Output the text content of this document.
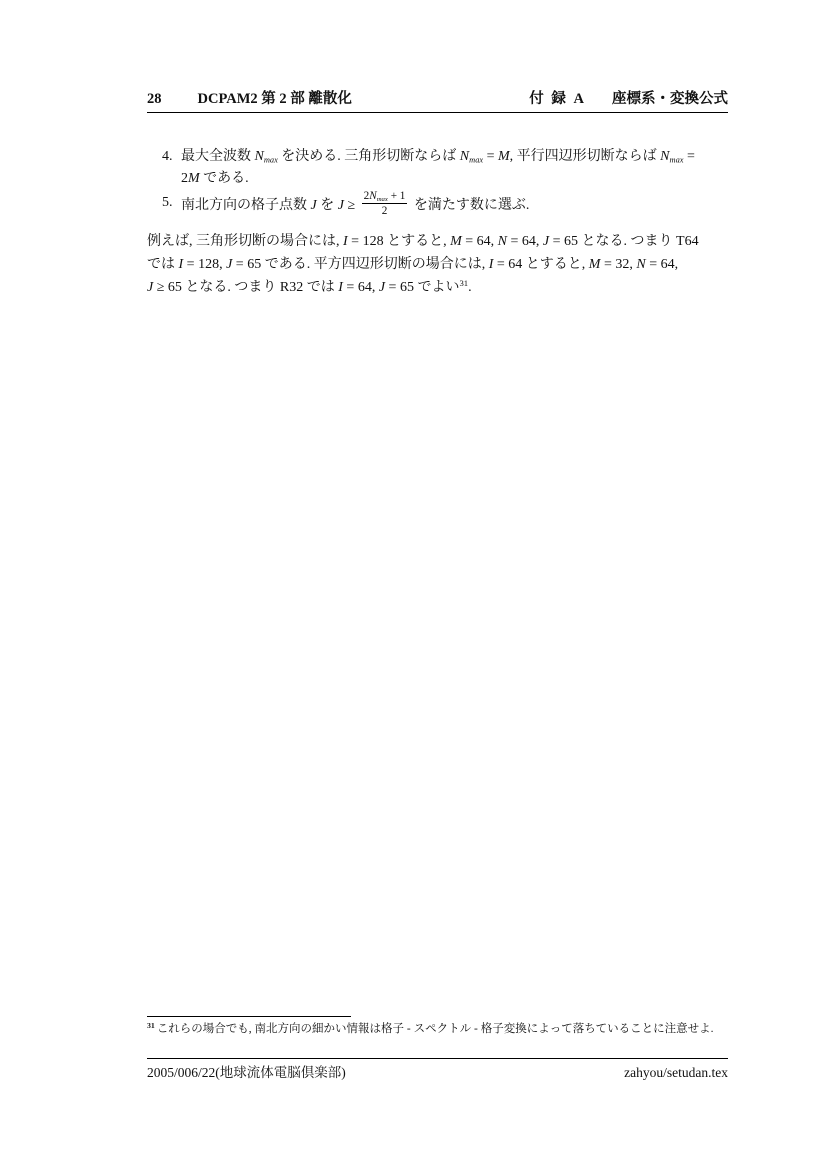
28 DCPAM2 第 2 部 離散化	付 録 A 座標系・変換公式
4. 最大全波数 $N_{max}$ を決める. 三角形切断ならば $N_{max} = M$, 平行四辺形切断ならば $N_{max}$ =
2M である.
5. 南北方向の格子点数 J を $J \ge \frac{2N_{max} + 1}{2}$ を満たす数に選ぶ.
例えば, 三角形切断の場合には, I = 128 とすると, M = 64, N = 64, J = 65 となる. つまり T64
では I = 128, J = 65 である. 平方四辺形切断の場合には, I = 64 とすると, M = 32, N = 64,
J ≥ 65 となる. つまり R32 では I = 64, J = 65 でよい$^{31}$.
$^{31}$ これらの場合でも, 南北方向の細かい情報は格子 - スペクトル - 格子変換によって落ちていることに注意せよ.
2005/006/22(地球流体電脳倶楽部)	zahyou/setudan.tex
